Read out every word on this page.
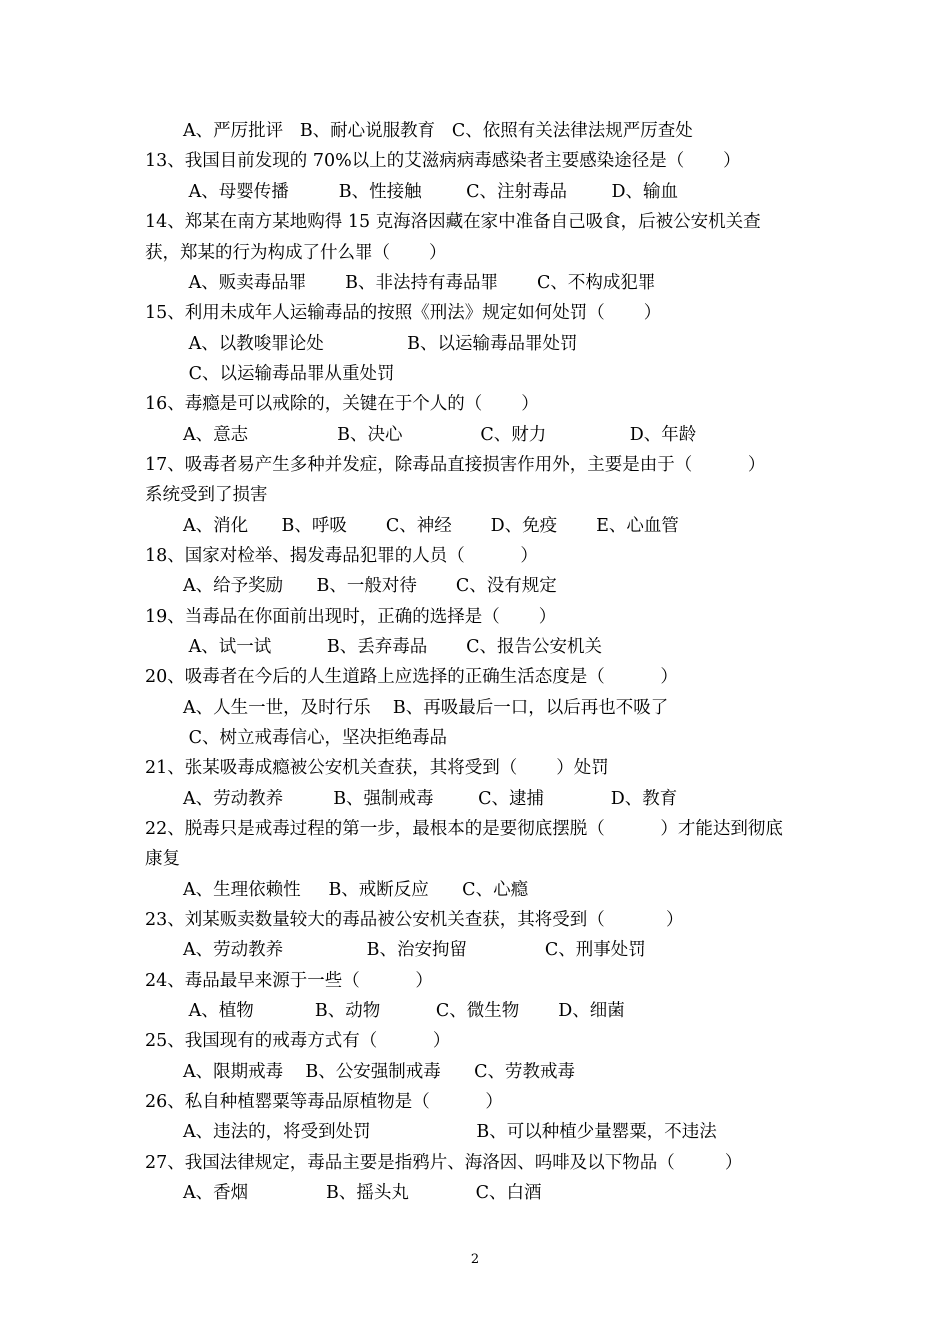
A、严厉批评   B、耐心说服教育   C、依照有关法律法规严厉查处
13、我国目前发现的 70%以上的艾滋病病毒感染者主要感染途径是（       ）
A、母婴传播         B、性接触        C、注射毒品        D、输血
14、郑某在南方某地购得 15 克海洛因藏在家中准备自己吸食，后被公安机关查
获，郑某的行为构成了什么罪（       ）
A、贩卖毒品罪       B、非法持有毒品罪       C、不构成犯罪
15、利用未成年人运输毒品的按照《刑法》规定如何处罚（       ）
A、以教唆罪论处               B、以运输毒品罪处罚
C、以运输毒品罪从重处罚
16、毒瘾是可以戒除的，关键在于个人的（       ）
A、意志                B、决心              C、财力               D、年龄
17、吸毒者易产生多种并发症，除毒品直接损害作用外，主要是由于（          ）
系统受到了损害
A、消化      B、呼吸       C、神经       D、免疫       E、心血管
18、国家对检举、揭发毒品犯罪的人员（          ）
A、给予奖励      B、一般对待       C、没有规定
19、当毒品在你面前出现时，正确的选择是（       ）
A、试一试          B、丢弃毒品       C、报告公安机关
20、吸毒者在今后的人生道路上应选择的正确生活态度是（          ）
A、人生一世，及时行乐    B、再吸最后一口，以后再也不吸了
C、树立戒毒信心，坚决拒绝毒品
21、张某吸毒成瘾被公安机关查获，其将受到（       ）处罚
A、劳动教养         B、强制戒毒        C、逮捕            D、教育
22、脱毒只是戒毒过程的第一步，最根本的是要彻底摆脱（          ）才能达到彻底
康复
A、生理依赖性     B、戒断反应      C、心瘾
23、刘某贩卖数量较大的毒品被公安机关查获，其将受到（           ）
A、劳动教养               B、治安拘留              C、刑事处罚
24、毒品最早来源于一些（          ）
A、植物           B、动物          C、微生物       D、细菌
25、我国现有的戒毒方式有（          ）
A、限期戒毒    B、公安强制戒毒      C、劳教戒毒
26、私自种植罂粟等毒品原植物是（          ）
A、违法的，将受到处罚                   B、可以种植少量罂粟，不违法
27、我国法律规定，毒品主要是指鸦片、海洛因、吗啡及以下物品（         ）
A、香烟              B、摇头丸            C、白酒
2
